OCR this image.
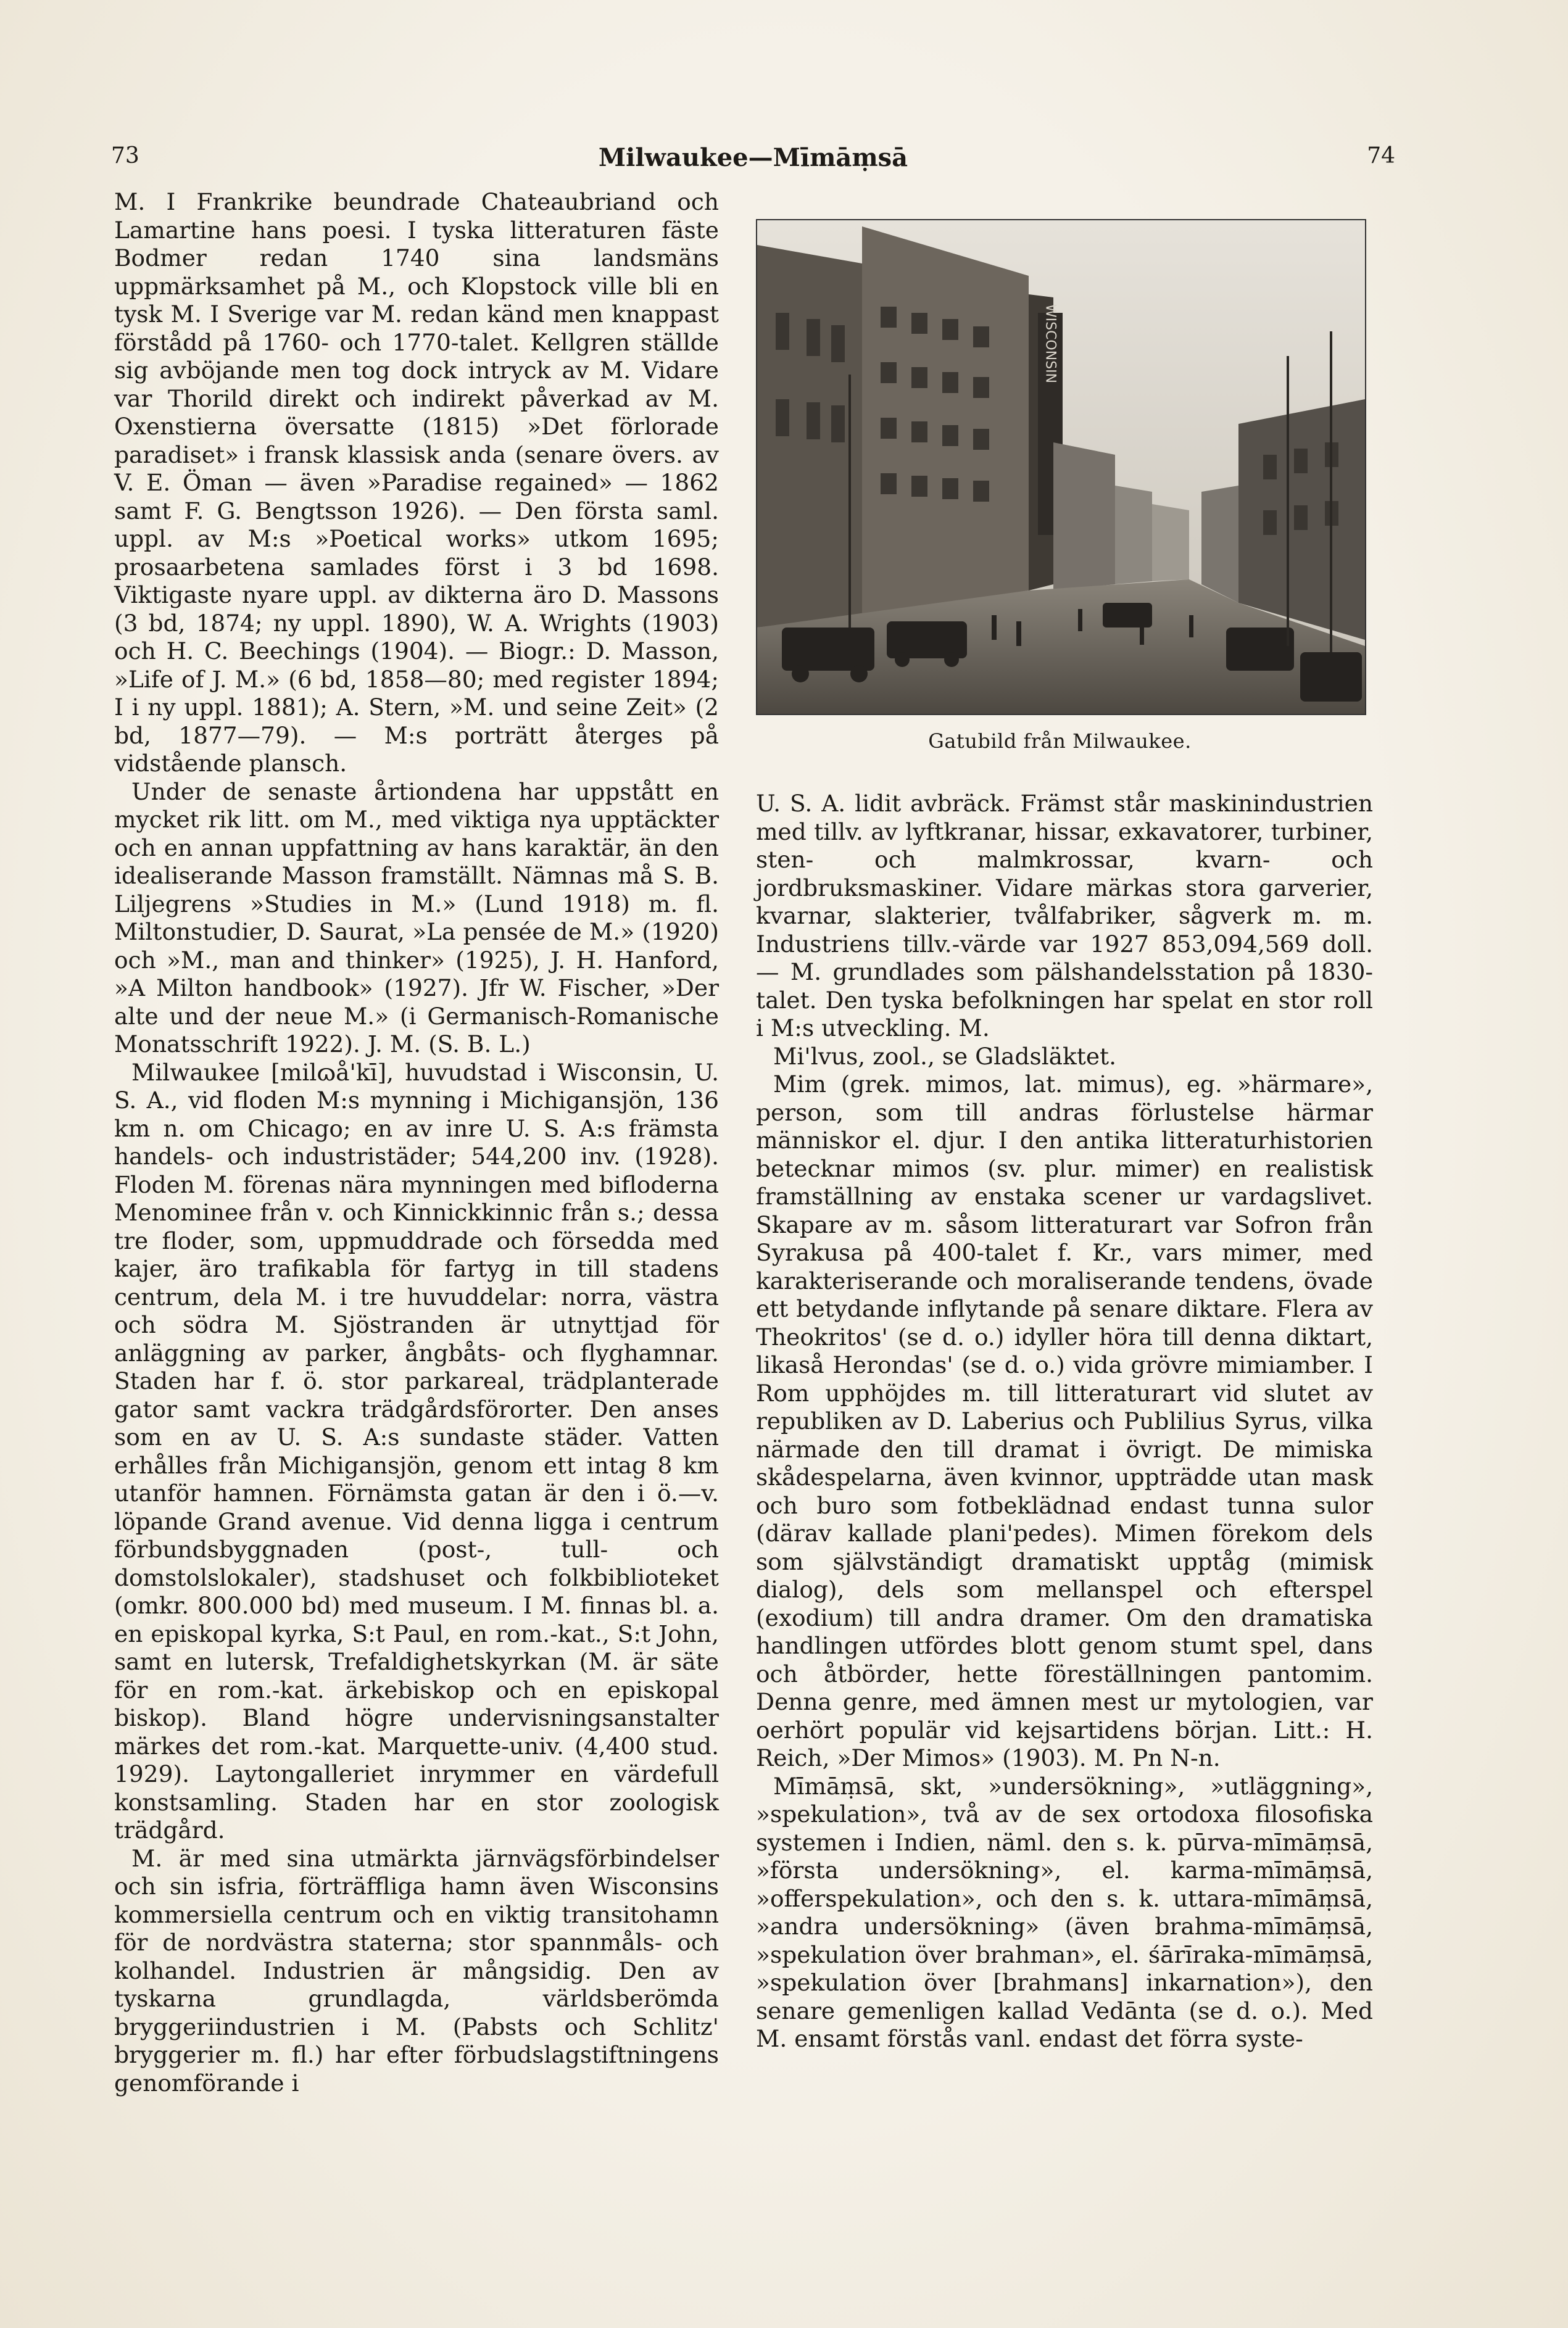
73	Milwaukee—Mīmāṃsā	74

M. I Frankrike beundrade Chateaubriand och Lamartine hans poesi. I tyska litteraturen fäste Bodmer redan 1740 sina landsmäns uppmärksamhet på M., och Klopstock ville bli en tysk M. I Sverige var M. redan känd men knappast förstådd på 1760- och 1770-talet. Kellgren ställde sig avböjande men tog dock intryck av M. Vidare var Thorild direkt och indirekt påverkad av M. Oxenstierna översatte (1815) »Det förlorade paradiset» i fransk klassisk anda (senare övers. av V. E. Öman — även »Paradise regained» — 1862 samt F. G. Bengtsson 1926). — Den första saml. uppl. av M:s »Poetical works» utkom 1695; prosaarbetena samlades först i 3 bd 1698. Viktigaste nyare uppl. av dikterna äro D. Massons (3 bd, 1874; ny uppl. 1890), W. A. Wrights (1903) och H. C. Beechings (1904). — Biogr.: D. Masson, »Life of J. M.» (6 bd, 1858—80; med register 1894; I i ny uppl. 1881); A. Stern, »M. und seine Zeit» (2 bd, 1877—79). — M:s porträtt återges på vidstående plansch.

Under de senaste årtiondena har uppstått en mycket rik litt. om M., med viktiga nya upptäckter och en annan uppfattning av hans karaktär, än den idealiserande Masson framställt. Nämnas må S. B. Liljegrens »Studies in M.» (Lund 1918) m. fl. Miltonstudier, D. Saurat, »La pensée de M.» (1920) och »M., man and thinker» (1925), J. H. Hanford, »A Milton handbook» (1927). Jfr W. Fischer, »Der alte und der neue M.» (i Germanisch-Romanische Monatsschrift 1922). J. M. (S. B. L.)

Milwaukee [milɷå'kī], huvudstad i Wisconsin, U. S. A., vid floden M:s mynning i Michigansjön, 136 km n. om Chicago; en av inre U. S. A:s främsta handels- och industristäder; 544,200 inv. (1928). Floden M. förenas nära mynningen med bifloderna Menominee från v. och Kinnickkinnic från s.; dessa tre floder, som, uppmuddrade och försedda med kajer, äro trafikabla för fartyg in till stadens centrum, dela M. i tre huvuddelar: norra, västra och södra M. Sjöstranden är utnyttjad för anläggning av parker, ångbåts- och flyghamnar. Staden har f. ö. stor parkareal, trädplanterade gator samt vackra trädgårdsförorter. Den anses som en av U. S. A:s sundaste städer. Vatten erhålles från Michigansjön, genom ett intag 8 km utanför hamnen. Förnämsta gatan är den i ö.—v. löpande Grand avenue. Vid denna ligga i centrum förbundsbyggnaden (post-, tull- och domstolslokaler), stadshuset och folkbiblioteket (omkr. 800.000 bd) med museum. I M. finnas bl. a. en episkopal kyrka, S:t Paul, en rom.-kat., S:t John, samt en lutersk, Trefaldighetskyrkan (M. är säte för en rom.-kat. ärkebiskop och en episkopal biskop). Bland högre undervisningsanstalter märkes det rom.-kat. Marquette-univ. (4,400 stud. 1929). Laytongalleriet inrymmer en värdefull konstsamling. Staden har en stor zoologisk trädgård.

M. är med sina utmärkta järnvägsförbindelser och sin isfria, förträffliga hamn även Wisconsins kommersiella centrum och en viktig transitohamn för de nordvästra staterna; stor spannmåls- och kolhandel. Industrien är mångsidig. Den av tyskarna grundlagda, världsberömda bryggeriindustrien i M. (Pabsts och Schlitz' bryggerier m. fl.) har efter förbudslagstiftningens genomförande i

WISCONSIN
Gatubild från Milwaukee.

U. S. A. lidit avbräck. Främst står maskinindustrien med tillv. av lyftkranar, hissar, exkavatorer, turbiner, sten- och malmkrossar, kvarn- och jordbruksmaskiner. Vidare märkas stora garverier, kvarnar, slakterier, tvålfabriker, sågverk m. m. Industriens tillv.-värde var 1927 853,094,569 doll. — M. grundlades som pälshandelsstation på 1830-talet. Den tyska befolkningen har spelat en stor roll i M:s utveckling. M.

Mi'lvus, zool., se Gladsläktet.

Mim (grek. mimos, lat. mimus), eg. »härmare», person, som till andras förlustelse härmar människor el. djur. I den antika litteraturhistorien betecknar mimos (sv. plur. mimer) en realistisk framställning av enstaka scener ur vardagslivet. Skapare av m. såsom litteraturart var Sofron från Syrakusa på 400-talet f. Kr., vars mimer, med karakteriserande och moraliserande tendens, övade ett betydande inflytande på senare diktare. Flera av Theokritos' (se d. o.) idyller höra till denna diktart, likaså Herondas' (se d. o.) vida grövre mimiamber. I Rom upphöjdes m. till litteraturart vid slutet av republiken av D. Laberius och Publilius Syrus, vilka närmade den till dramat i övrigt. De mimiska skådespelarna, även kvinnor, uppträdde utan mask och buro som fotbeklädnad endast tunna sulor (därav kallade plani'pedes). Mimen förekom dels som självständigt dramatiskt upptåg (mimisk dialog), dels som mellanspel och efterspel (exodium) till andra dramer. Om den dramatiska handlingen utfördes blott genom stumt spel, dans och åtbörder, hette föreställningen pantomim. Denna genre, med ämnen mest ur mytologien, var oerhört populär vid kejsartidens början. Litt.: H. Reich, »Der Mimos» (1903). M. Pn N-n.

Mīmāṃsā, skt, »undersökning», »utläggning», »spekulation», två av de sex ortodoxa filosofiska systemen i Indien, näml. den s. k. pūrva-mīmāṃsā, »första undersökning», el. karma-mīmāṃsā, »offerspekulation», och den s. k. uttara-mīmāṃsā, »andra undersökning» (även brahma-mīmāṃsā, »spekulation över brahman», el. śārīraka-mīmāṃsā, »spekulation över [brahmans] inkarnation»), den senare gemenligen kallad Vedānta (se d. o.). Med M. ensamt förstås vanl. endast det förra syste-
